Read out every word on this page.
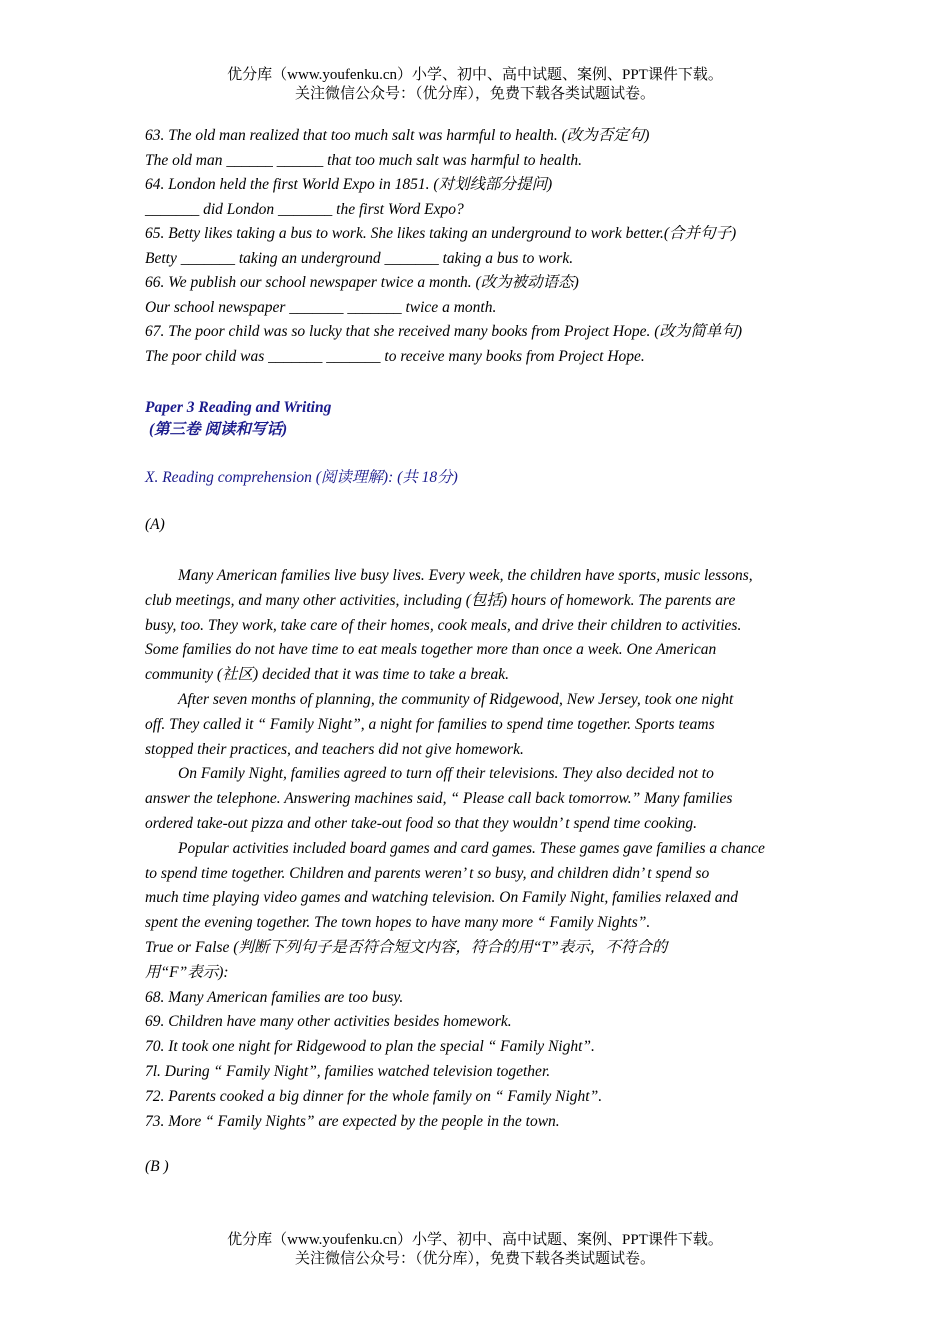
优分库（www.youfenku.cn）小学、初中、高中试题、案例、PPT课件下载。
关注微信公众号：（优分库），免费下载各类试题试卷。

63. The old man realized that too much salt was harmful to health. (改为否定句)

The old man ______ ______ that too much salt was harmful to health.

64. London held the first World Expo in 1851. (对划线部分提问)

_______ did London _______ the first Word Expo?

65. Betty likes taking a bus to work. She likes taking an underground to work better.(合并句子)

Betty _______ taking an underground _______ taking a bus to work.

66. We publish our school newspaper twice a month. (改为被动语态)

Our school newspaper _______ _______ twice a month.

67. The poor child was so lucky that she received many books from Project Hope. (改为简单句)

The poor child was _______ _______ to receive many books from Project Hope.

Paper 3 Reading and Writing

(第三卷 阅读和写话)

X. Reading comprehension (阅读理解): (共 18分)

(A)

Many American families live busy lives. Every week, the children have sports, music lessons,

club meetings, and many other activities, including (包括) hours of homework. The parents are

busy, too. They work, take care of their homes, cook meals, and drive their children to activities.

Some families do not have time to eat meals together more than once a week. One American

community (社区) decided that it was time to take a break.

After seven months of planning, the community of Ridgewood, New Jersey, took one night

off. They called it “ Family Night”, a night for families to spend time together. Sports teams

stopped their practices, and teachers did not give homework.

On Family Night, families agreed to turn off their televisions. They also decided not to

answer the telephone. Answering machines said, “ Please call back tomorrow.” Many families

ordered take-out pizza and other take-out food so that they wouldn’ t spend time cooking.

Popular activities included board games and card games. These games gave families a chance

to spend time together. Children and parents weren’ t so busy, and children didn’ t spend so

much time playing video games and watching television. On Family Night, families relaxed and

spent the evening together. The town hopes to have many more “ Family Nights”.

True or False (判断下列句子是否符合短文内容，符合的用“T”表示，不符合的

用“F”表示):

68. Many American families are too busy.

69. Children have many other activities besides homework.

70. It took one night for Ridgewood to plan the special “ Family Night”.

7l. During “ Family Night”, families watched television together.

72. Parents cooked a big dinner for the whole family on “ Family Night”.

73. More “ Family Nights” are expected by the people in the town.

(B )

优分库（www.youfenku.cn）小学、初中、高中试题、案例、PPT课件下载。
关注微信公众号：（优分库），免费下载各类试题试卷。
